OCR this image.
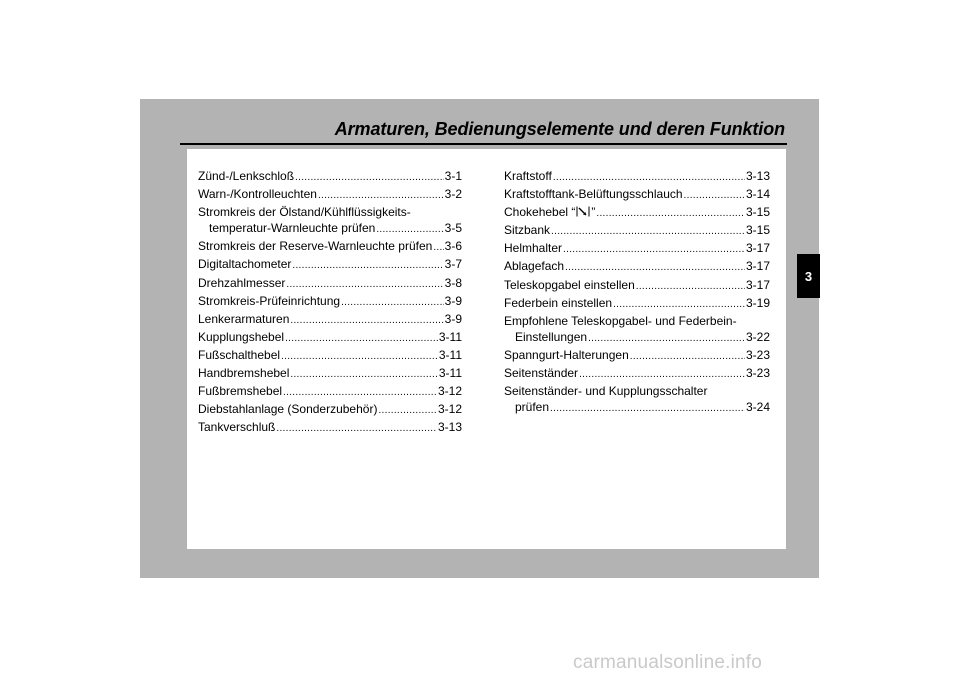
Armaturen, Bedienungselemente und deren Funktion
Zünd-/Lenkschloß .....	3-1
Warn-/Kontrolleuchten .....	3-2
Stromkreis der Ölstand/Kühlflüssigkeits-
temperatur-Warnleuchte prüfen .....	3-5
Stromkreis der Reserve-Warnleuchte prüfen ..... 3-6
Digitaltachometer .....	3-7
Drehzahlmesser .....	3-8
Stromkreis-Prüfeinrichtung .....	3-9
Lenkerarmaturen .....	3-9
Kupplungshebel .....	3-11
Fußschalthebel .....	3-11
Handbremshebel .....	3-11
Fußbremshebel .....	3-12
Diebstahlanlage (Sonderzubehör) .....	3-12
Tankverschluß .....	3-13
Kraftstoff .....	3-13
Kraftstofftank-Belüftungsschlauch .....	3-14
Chokehebel “ ” .....	3-15
Sitzbank .....	3-15
Helmhalter .....	3-17
Ablagefach .....	3-17
Teleskopgabel einstellen .....	3-17
Federbein einstellen .....	3-19
Empfohlene Teleskopgabel- und Federbein-
Einstellungen .....	3-22
Spanngurt-Halterungen .....	3-23
Seitenständer .....	3-23
Seitenständer- und Kupplungsschalter
prüfen .....	3-24
3
carmanualsonline.info
